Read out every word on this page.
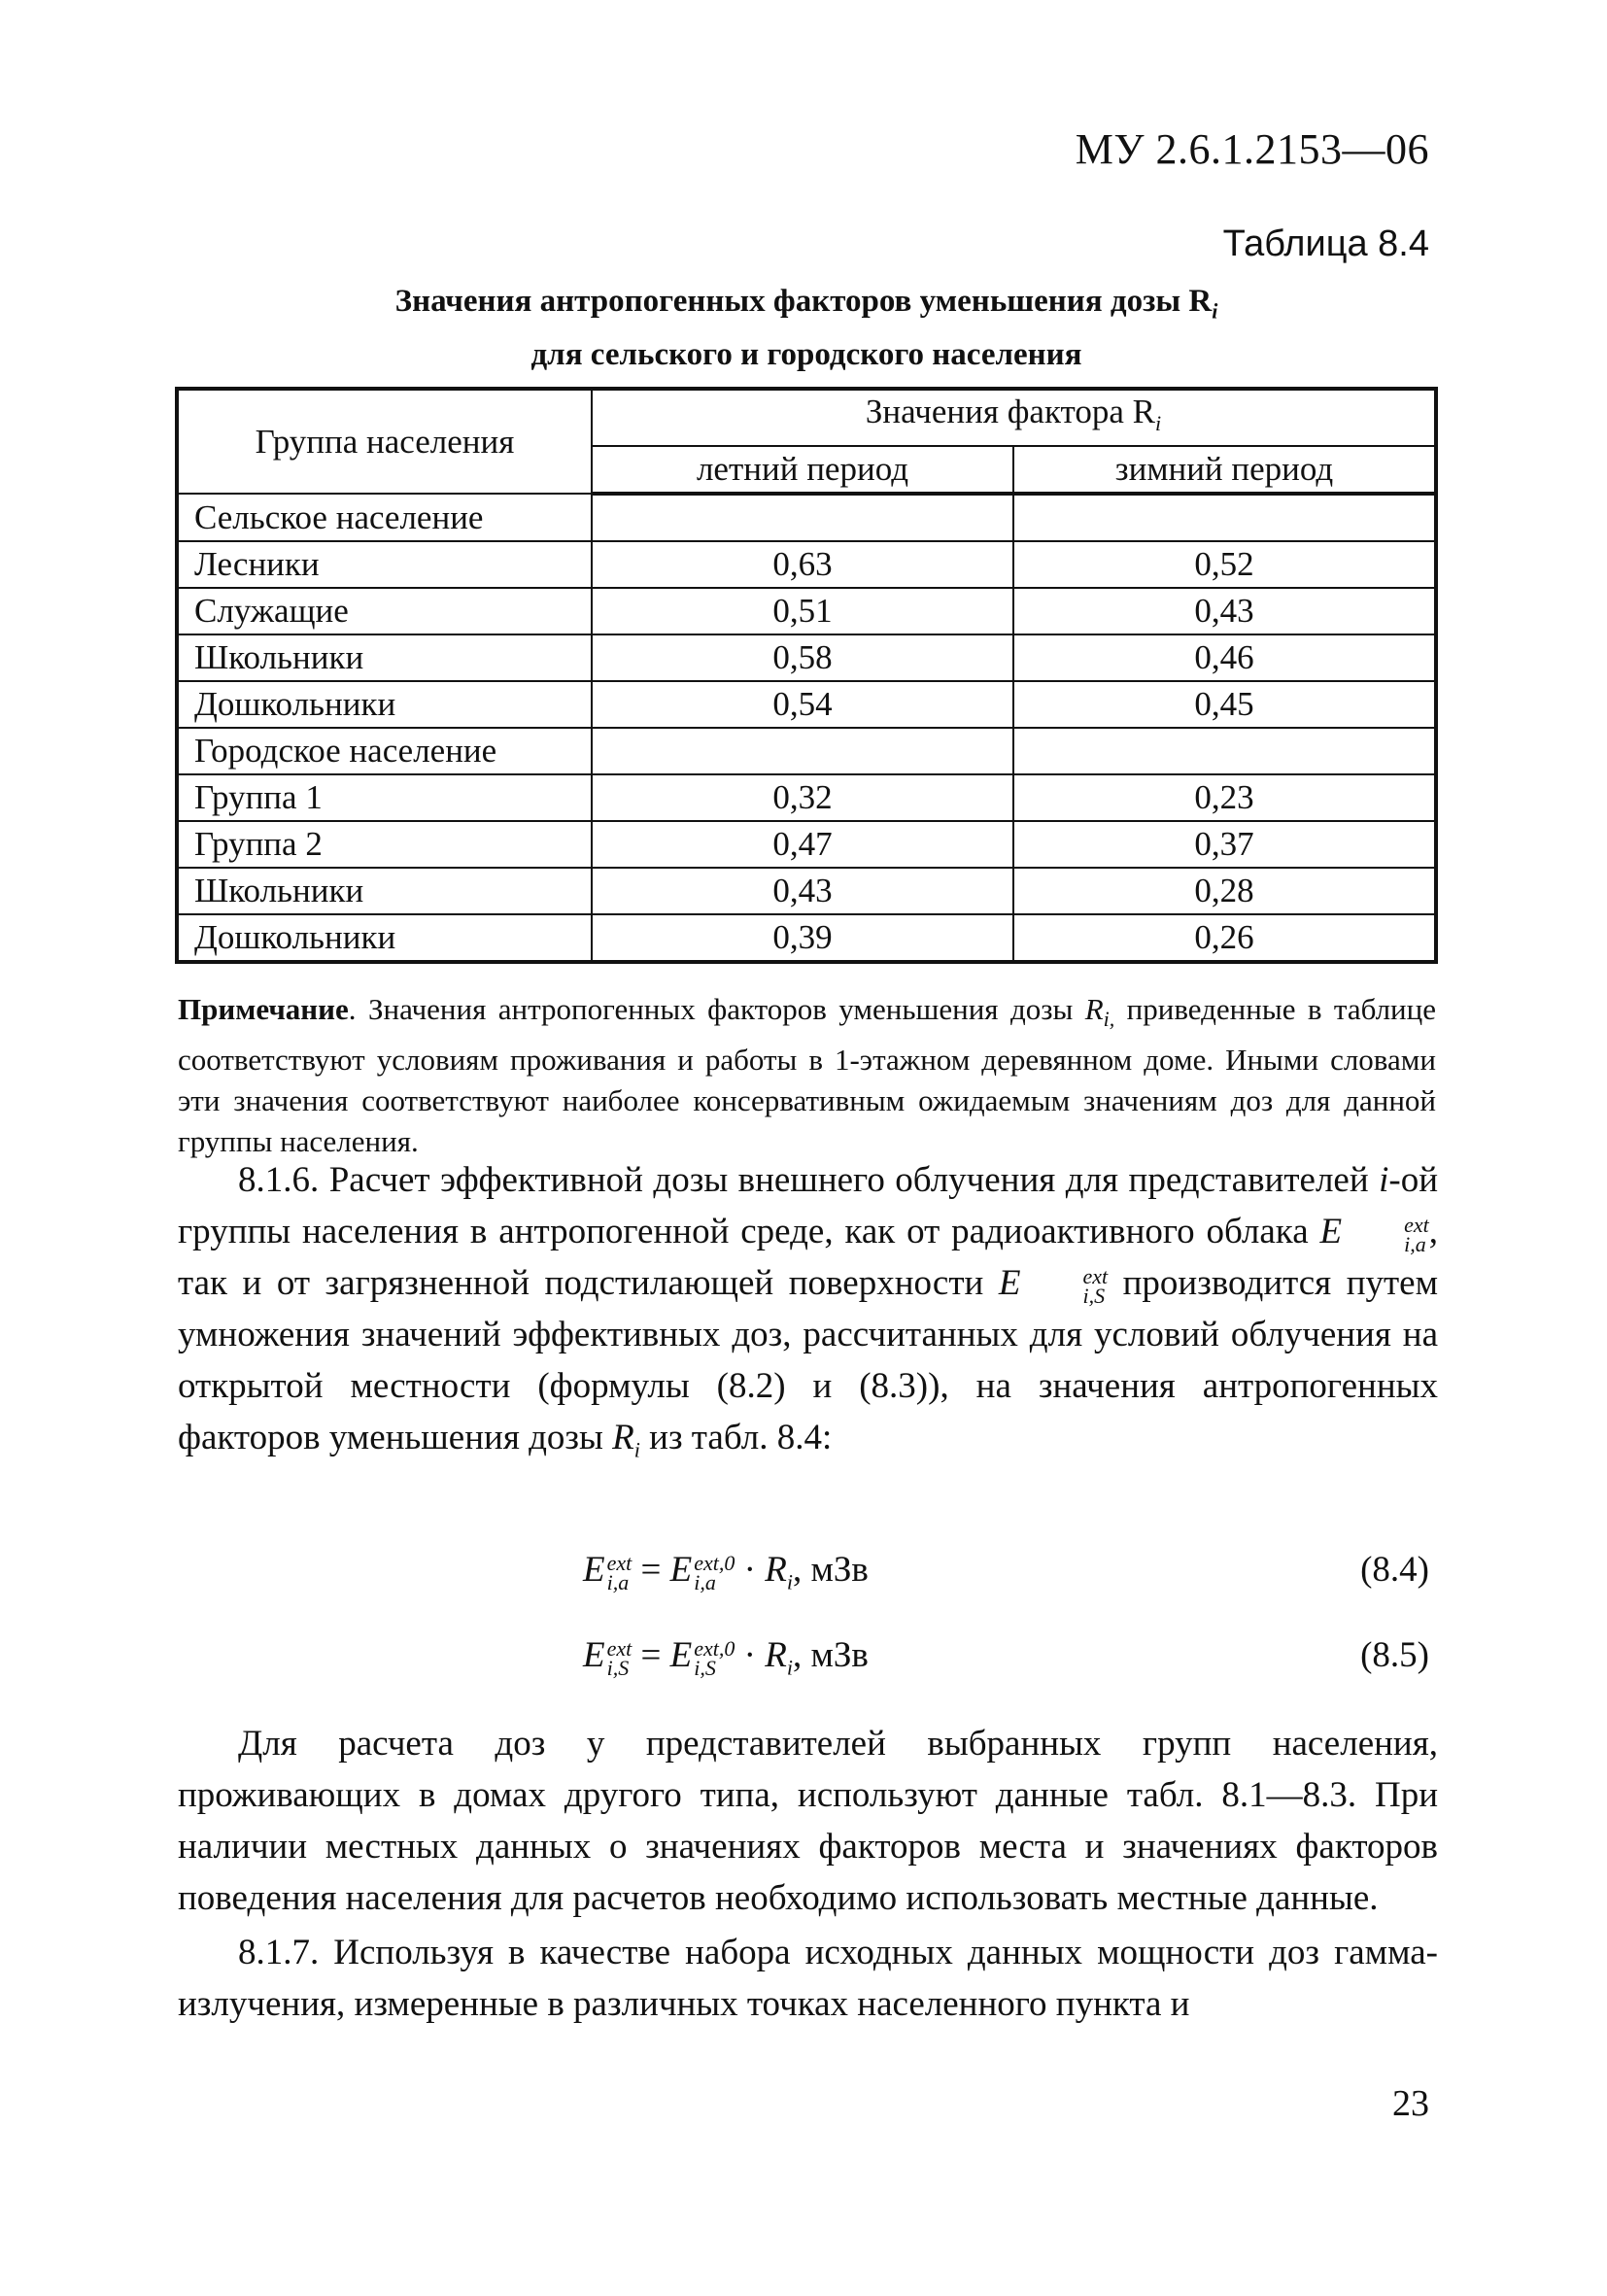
МУ 2.6.1.2153—06
Таблица 8.4
Значения антропогенных факторов уменьшения дозы $R_i$
для сельского и городского населения
Группа населения	Значения фактора $R_i$
	летний период	зимний период
Сельское население		
Лесники	0,63	0,52
Служащие	0,51	0,43
Школьники	0,58	0,46
Дошкольники	0,54	0,45
Городское население		
Группа 1	0,32	0,23
Группа 2	0,47	0,37
Школьники	0,43	0,28
Дошкольники	0,39	0,26
Примечание. Значения антропогенных факторов уменьшения дозы $R_{i,}$ приведенные в таблице соответствуют условиям проживания и работы в 1-этажном деревянном доме. Иными словами эти значения соответствуют наиболее консервативным ожидаемым значениям доз для данной группы населения.
8.1.6. Расчет эффективной дозы внешнего облучения для представителей i-ой группы населения в антропогенной среде, как от радиоактивного облака E	ext
i,a , так и от загрязненной подстилающей поверхности E	ext
i,S производится путем умножения значений эффективных доз, рассчитанных для условий облучения на открытой местности (формулы (8.2) и (8.3)), на значения антропогенных факторов уменьшения дозы $R_i$ из табл. 8.4:
E ext
i,a = E ext,0
$i,a \cdot R_i$, мЗв	(8.4)
E ext
i,S = E ext,0
$i,S \cdot R_i$, мЗв	(8.5)
Для расчета доз у представителей выбранных групп населения, проживающих в домах другого типа, используют данные табл. 8.1—8.3. При наличии местных данных о значениях факторов места и значениях факторов поведения населения для расчетов необходимо использовать местные данные.
8.1.7. Используя в качестве набора исходных данных мощности доз гамма-излучения, измеренные в различных точках населенного пункта и
23
